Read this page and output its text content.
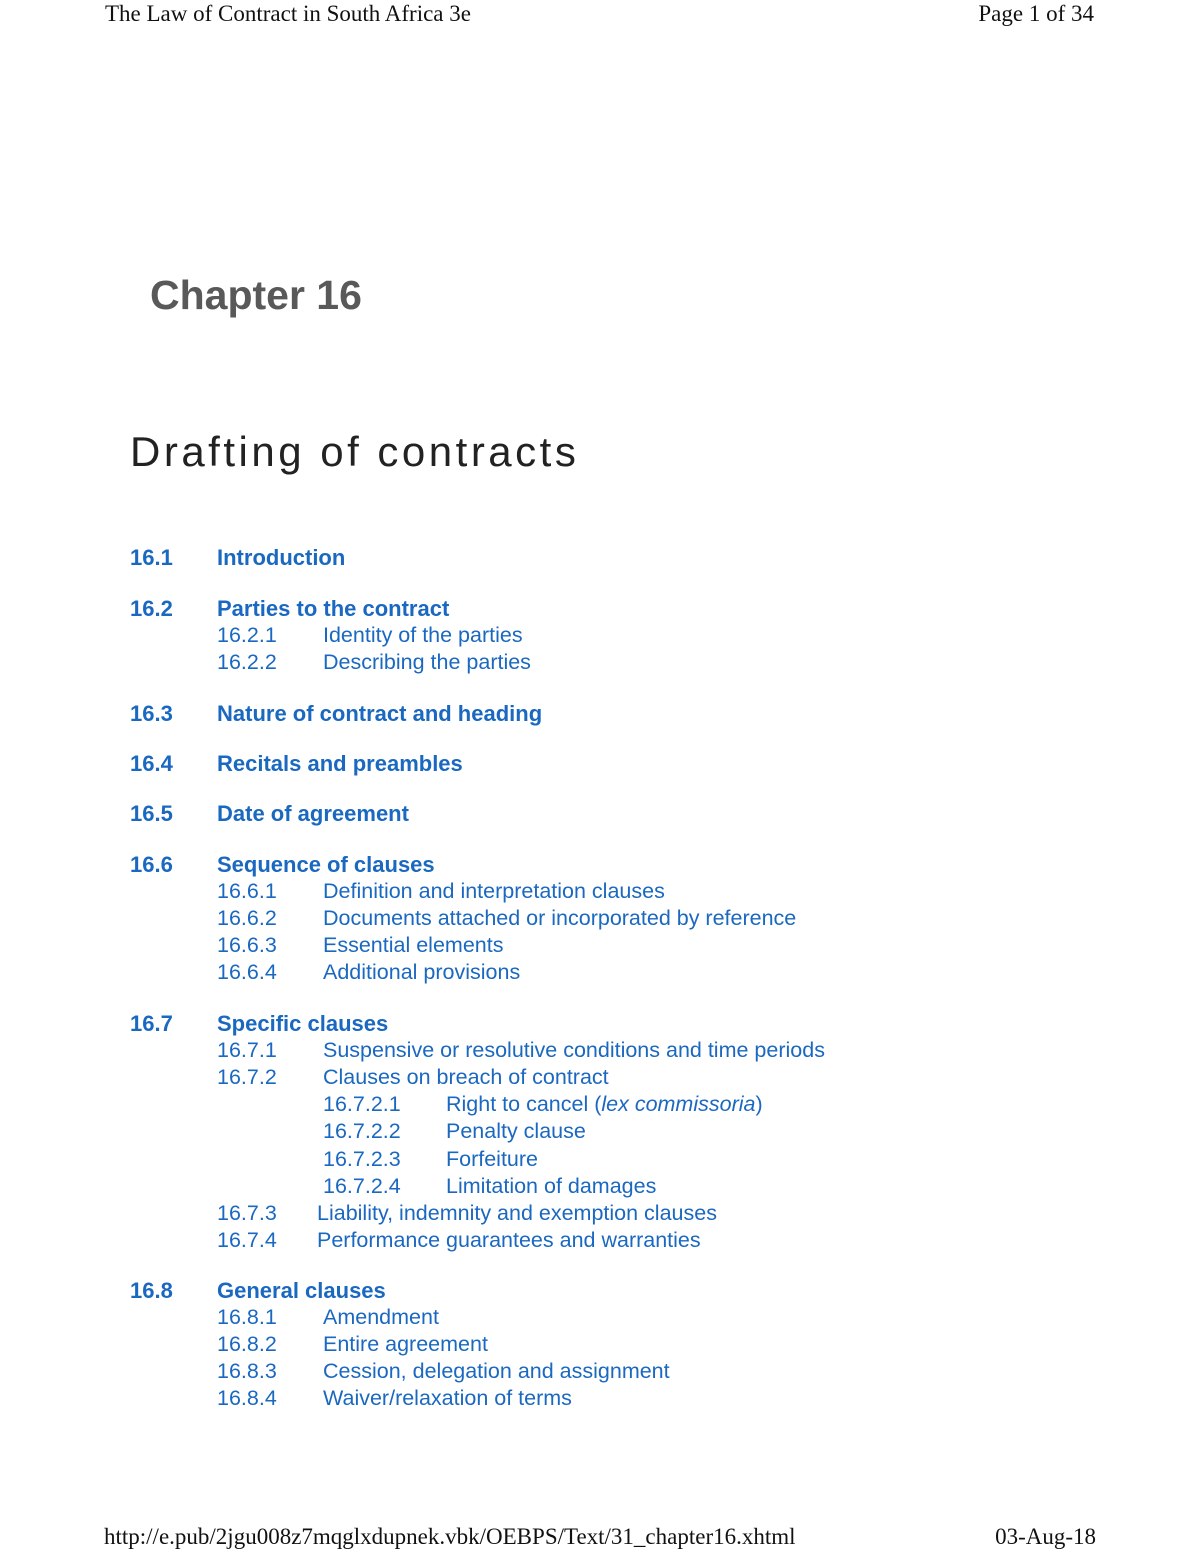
The Law of Contract in South Africa 3e	Page 1 of 34
Chapter 16
Drafting of contracts
16.1 Introduction
16.2 Parties to the contract
16.2.1 Identity of the parties
16.2.2 Describing the parties
16.3 Nature of contract and heading
16.4 Recitals and preambles
16.5 Date of agreement
16.6 Sequence of clauses
16.6.1 Definition and interpretation clauses
16.6.2 Documents attached or incorporated by reference
16.6.3 Essential elements
16.6.4 Additional provisions
16.7 Specific clauses
16.7.1 Suspensive or resolutive conditions and time periods
16.7.2 Clauses on breach of contract
16.7.2.1 Right to cancel (lex commissoria)
16.7.2.2 Penalty clause
16.7.2.3 Forfeiture
16.7.2.4 Limitation of damages
16.7.3 Liability, indemnity and exemption clauses
16.7.4 Performance guarantees and warranties
16.8 General clauses
16.8.1 Amendment
16.8.2 Entire agreement
16.8.3 Cession, delegation and assignment
16.8.4 Waiver/relaxation of terms
http://e.pub/2jgu008z7mqglxdupnek.vbk/OEBPS/Text/31_chapter16.xhtml	03-Aug-18
